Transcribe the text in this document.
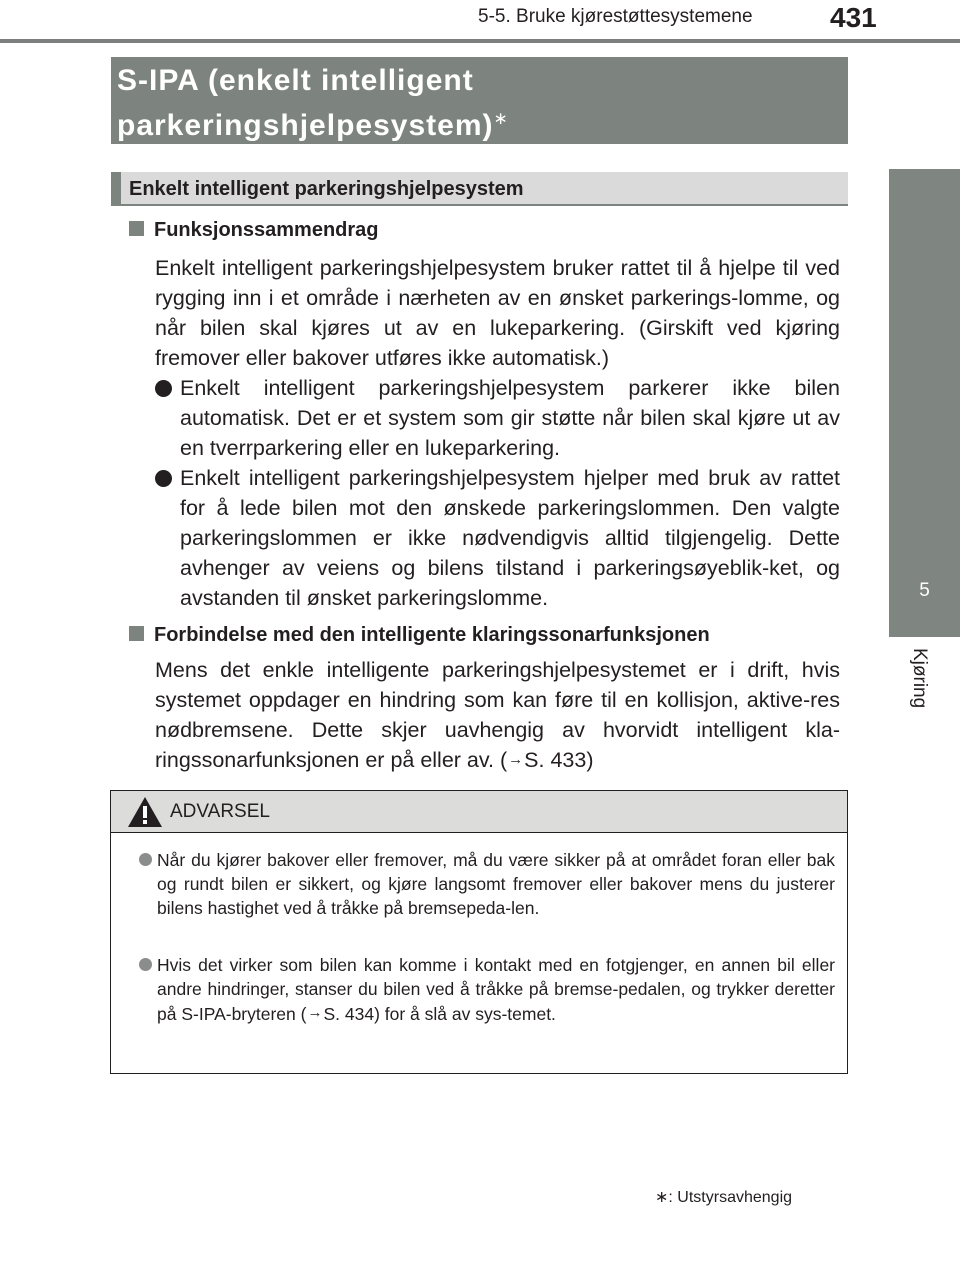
5-5. Bruke kjørestøttesystemene	431
5
Kjøring
S-IPA (enkelt intelligent
parkeringshjelpesystem)∗
Enkelt intelligent parkeringshjelpesystem
Funksjonssammendrag

Enkelt intelligent parkeringshjelpesystem bruker rattet til å hjelpe til ved rygging inn i et område i nærheten av en ønsket parkerings-lomme, og når bilen skal kjøres ut av en lukeparkering. (Girskift ved kjøring fremover eller bakover utføres ikke automatisk.)

Enkelt intelligent parkeringshjelpesystem parkerer ikke bilen automatisk. Det er et system som gir støtte når bilen skal kjøre ut av en tverrparkering eller en lukeparkering.

Enkelt intelligent parkeringshjelpesystem hjelper med bruk av rattet for å lede bilen mot den ønskede parkeringslommen. Den valgte parkeringslommen er ikke nødvendigvis alltid tilgjengelig. Dette avhenger av veiens og bilens tilstand i parkeringsøyeblik-ket, og avstanden til ønsket parkeringslomme.

Forbindelse med den intelligente klaringssonarfunksjonen

Mens det enkle intelligente parkeringshjelpesystemet er i drift, hvis systemet oppdager en hindring som kan føre til en kollisjon, aktive-res nødbremsene. Dette skjer uavhengig av hvorvidt intelligent kla-ringssonarfunksjonen er på eller av. (→S. 433)

ADVARSEL

Når du kjører bakover eller fremover, må du være sikker på at området foran eller bak og rundt bilen er sikkert, og kjøre langsomt fremover eller bakover mens du justerer bilens hastighet ved å tråkke på bremsepeda-len.

Hvis det virker som bilen kan komme i kontakt med en fotgjenger, en annen bil eller andre hindringer, stanser du bilen ved å tråkke på bremse-pedalen, og trykker deretter på S-IPA-bryteren (→S. 434) for å slå av sys-temet.

∗: Utstyrsavhengig
